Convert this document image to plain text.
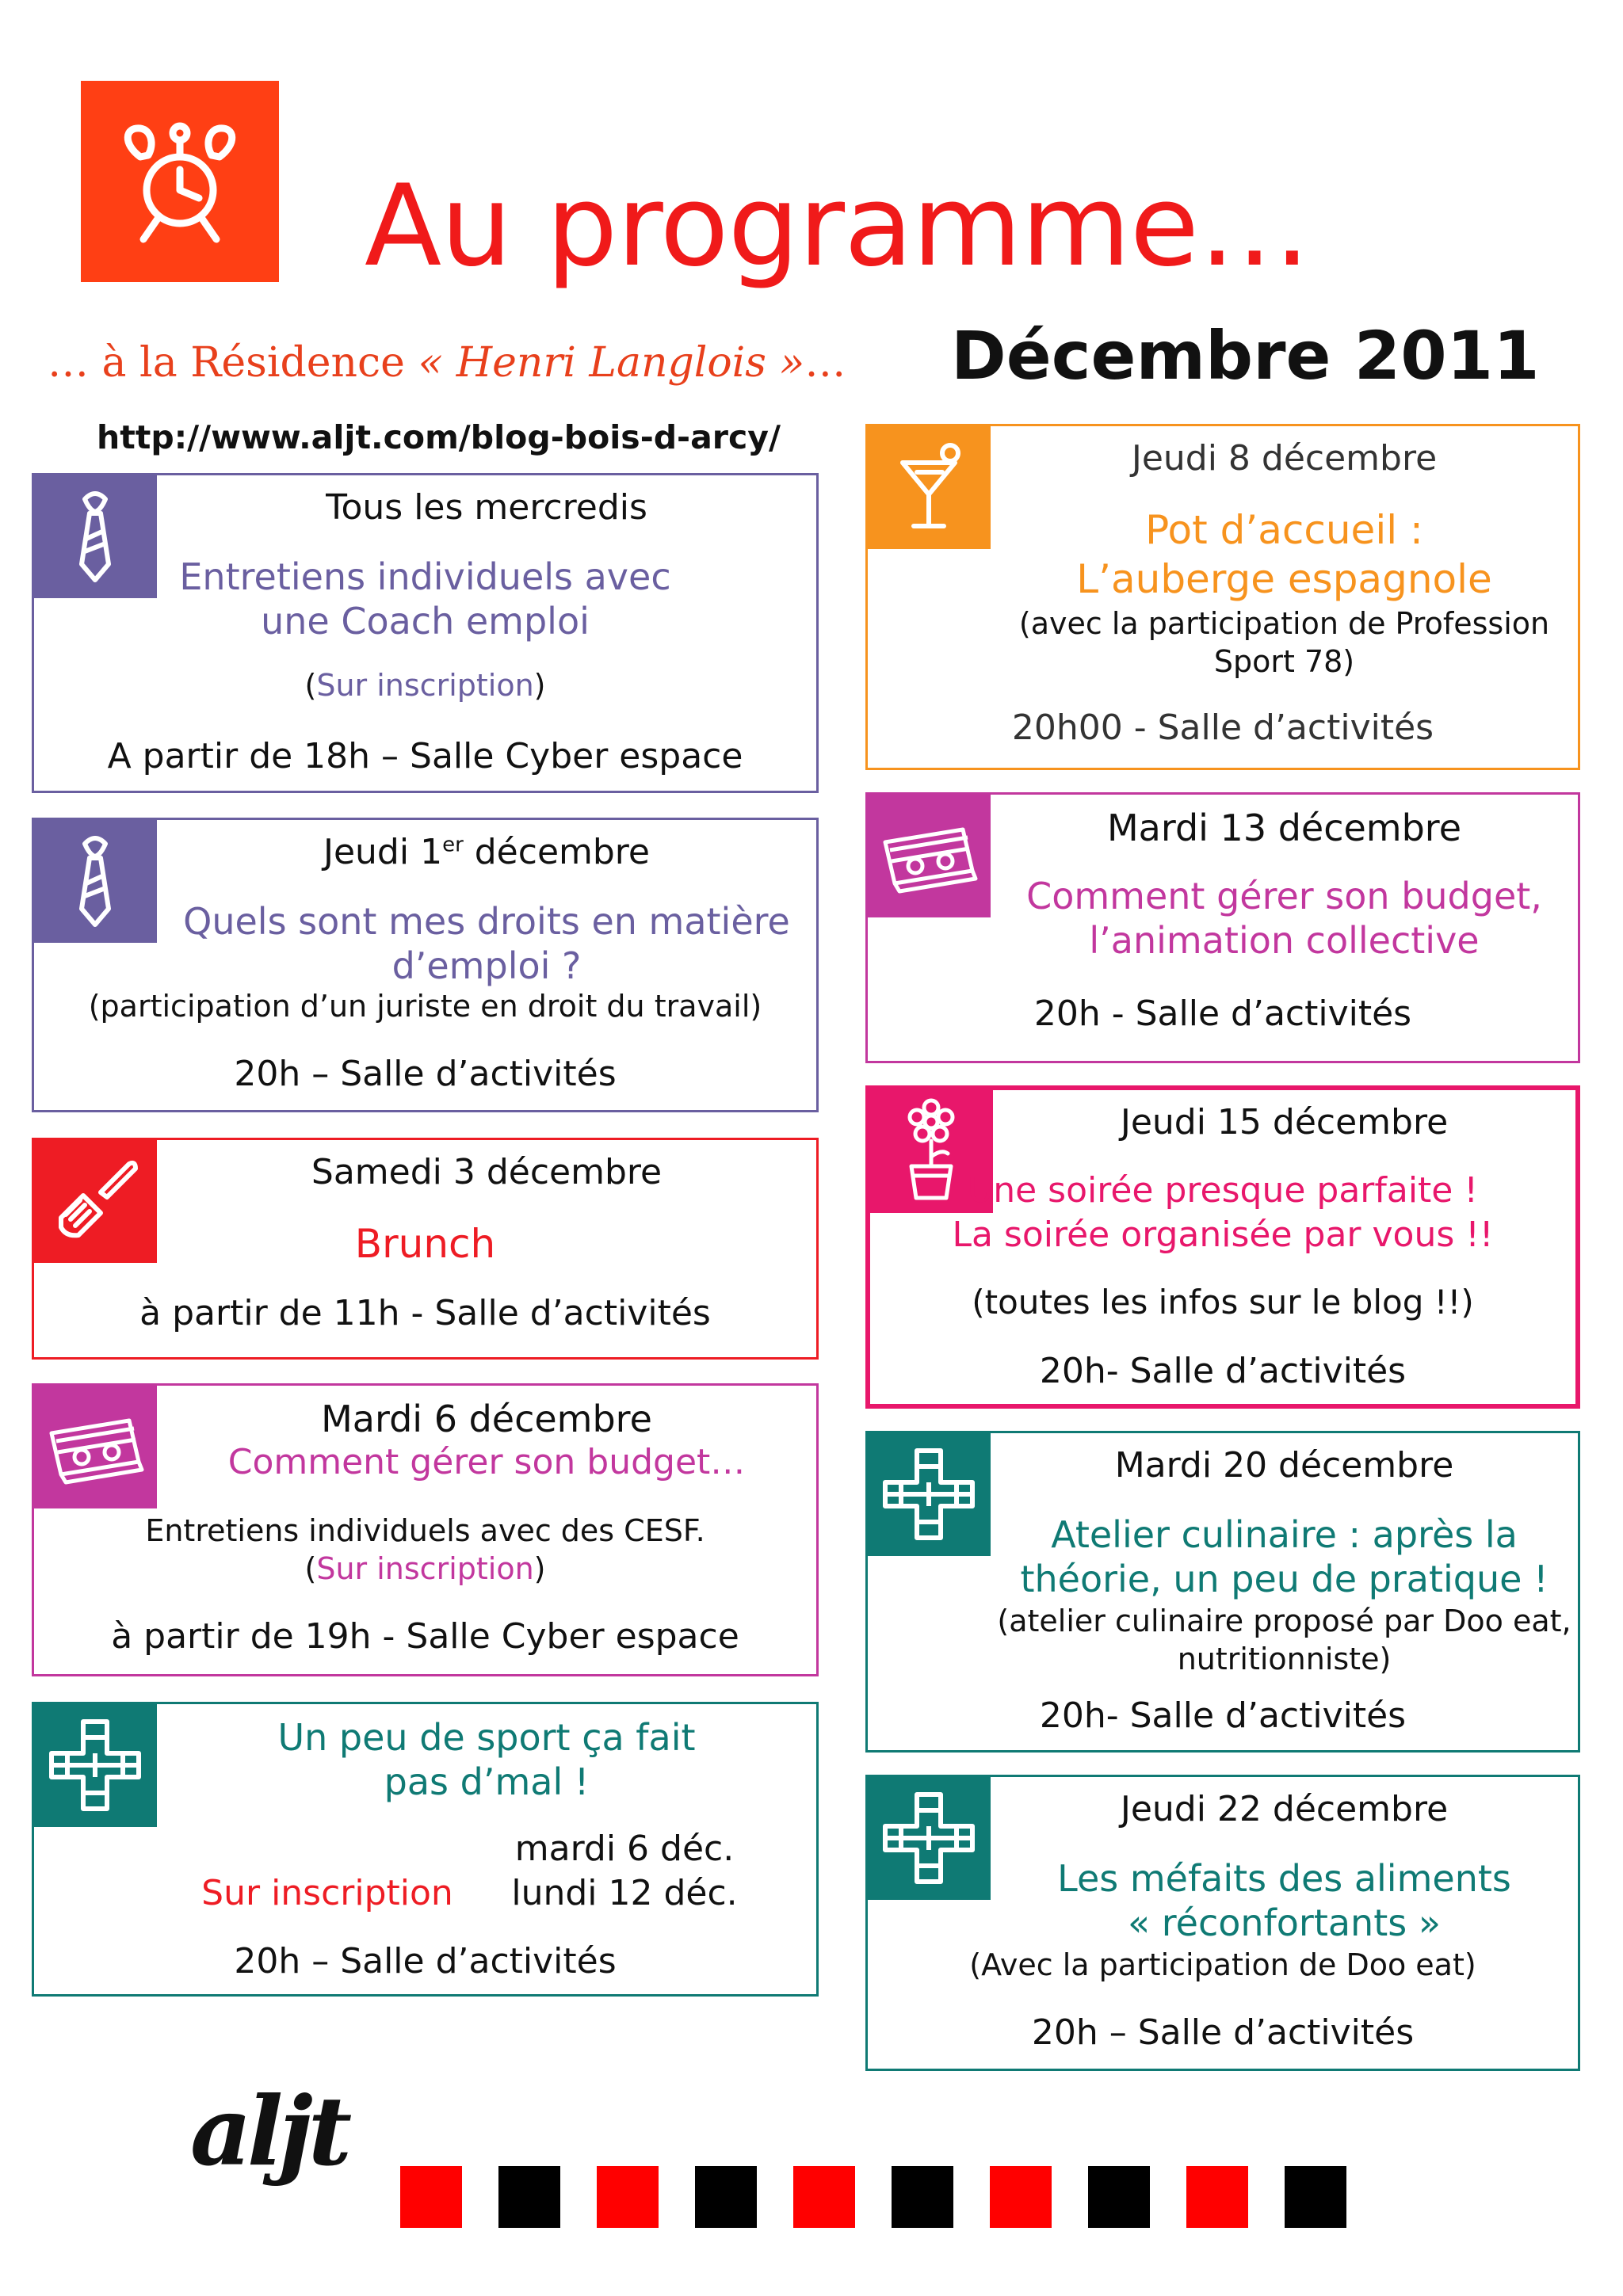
Au programme…
… à la Résidence « Henri Langlois »… Décembre 2011
http://www.aljt.com/blog-bois-d-arcy/
Tous les mercredis
Entretiens individuels avec
une Coach emploi
(Sur inscription)
A partir de 18h – Salle Cyber espace
Jeudi 1er décembre
Quels sont mes droits en matière
d’emploi ?
(participation d’un juriste en droit du travail)
20h – Salle d’activités
Samedi 3 décembre
Brunch
à partir de 11h - Salle d’activités
Mardi 6 décembre
Comment gérer son budget…
Entretiens individuels avec des CESF.
(Sur inscription)
à partir de 19h - Salle Cyber espace
Un peu de sport ça fait
pas d’mal !
mardi 6 déc.
Sur inscription	lundi 12 déc.
20h – Salle d’activités
Jeudi 8 décembre
Pot d’accueil :
L’auberge espagnole
(avec la participation de Profession
Sport 78)
20h00 - Salle d’activités
Mardi 13 décembre
Comment gérer son budget,
l’animation collective
20h - Salle d’activités
Jeudi 15 décembre
Une soirée presque parfaite !
La soirée organisée par vous !!
(toutes les infos sur le blog !!)
20h- Salle d’activités
Mardi 20 décembre
Atelier culinaire : après la
théorie, un peu de pratique !
(atelier culinaire proposé par Doo eat,
nutritionniste)
20h- Salle d’activités
Jeudi 22 décembre
Les méfaits des aliments
« réconfortants »
(Avec la participation de Doo eat)
20h – Salle d’activités
aljt
